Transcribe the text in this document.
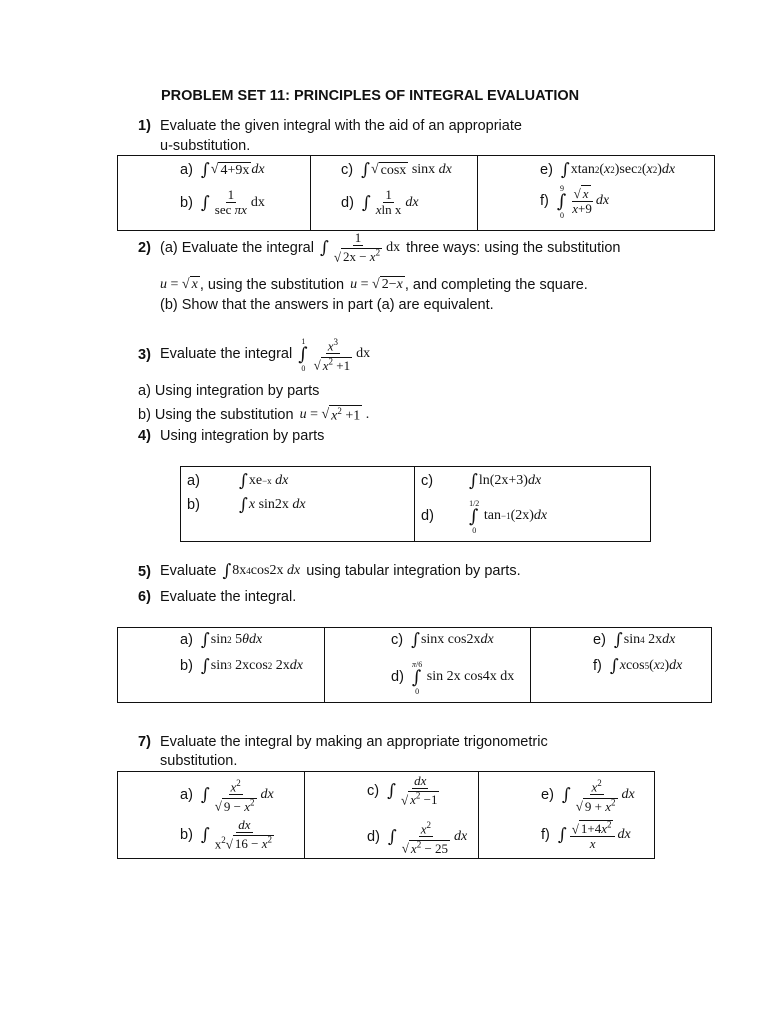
PROBLEM SET 11: PRINCIPLES OF INTEGRAL EVALUATION
1) Evaluate the given integral with the aid of an appropriate
u-substitution.
a) ∫ √ 4+9x dx
b) ∫ $\frac{1}{\text{sec πx}}$ dx

c) ∫ √ cosx sinx dx
d) ∫ $\frac{1}{\text{xln x}}$ dx

e) ∫ xtan 2 ( x 2 )sec 2 ( x 2 ) dx
f)
9
∫
$0 \frac{√ x}{x+9}$ dx
2) (a) Evaluate the integral ∫ $\frac{1}{√ 2x - x^2}$ dx three ways: using the substitution
u = √ x , using the substitution u = √ 2−x , and completing the square.
(b) Show that the answers in part (a) are equivalent.
3) Evaluate the integral
1
∫
$0 \frac{x^3}{√ x^2 +1}$ dx
a) Using integration by parts
b) Using the substitution u = √ $x^2 +1$ .
4) Using integration by parts
a)	∫ xe −x
dx
b)	∫ x sin2x dx

c)	∫ ln(2x+3) dx
d)
1/2
∫
0
tan −1 (2x) dx
5) Evaluate ∫ 8x 4 cos2x dx using tabular integration by parts.
6) Evaluate the integral.
a) ∫ sin 2 5 θdx
b) ∫ sin 3 2xcos 2 2x dx

c) ∫ sinx cos2x dx
d)
π/6
∫
0
sin 2x cos4x dx

e) ∫ sin 4 2x dx
f) ∫ x cos 5 ( x 2 ) dx
7) Evaluate the integral by making an appropriate trigonometric
substitution.
a) ∫ $\frac{x^2}{√ 9 - x^2}$ dx
b) ∫ $\frac{dx}{x^2√ 16 - x^2}$

c) ∫ $\frac{dx}{√ x^2 -1}$
d) ∫ $\frac{x^2}{√ x^2 - 25}$ dx

e) ∫ $\frac{x^2}{√ 9 + x^2}$ dx
f) ∫ $\frac{√ 1+4x^2}{x}$ dx
